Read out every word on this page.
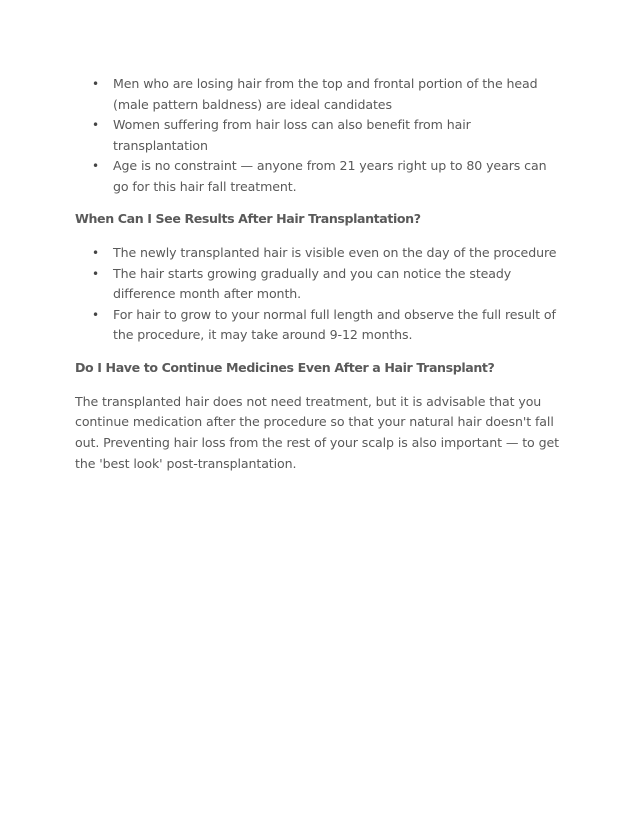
• Men who are losing hair from the top and frontal portion of the head (male pattern baldness) are ideal candidates
• Women suffering from hair loss can also benefit from hair transplantation
• Age is no constraint — anyone from 21 years right up to 80 years can go for this hair fall treatment.
When Can I See Results After Hair Transplantation?
• The newly transplanted hair is visible even on the day of the procedure
• The hair starts growing gradually and you can notice the steady difference month after month.
• For hair to grow to your normal full length and observe the full result of the procedure, it may take around 9-12 months.
Do I Have to Continue Medicines Even After a Hair Transplant?

The transplanted hair does not need treatment, but it is advisable that you continue medication after the procedure so that your natural hair doesn't fall out. Preventing hair loss from the rest of your scalp is also important — to get the 'best look' post-transplantation.
